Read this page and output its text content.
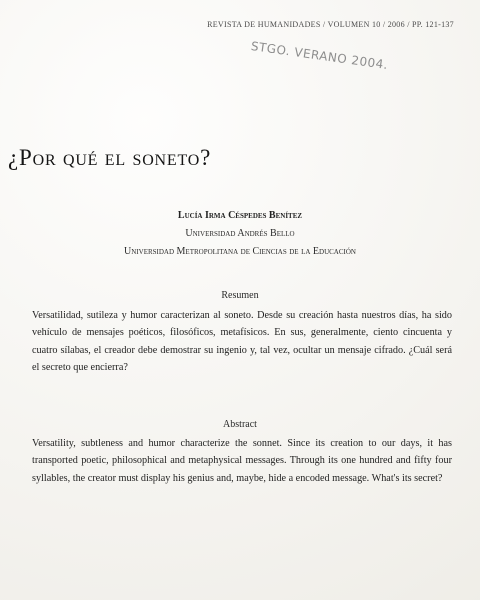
REVISTA DE HUMANIDADES / VOLUMEN 10 / 2006 / PP. 121-137
STGO. VERANO 2004.
¿Por qué el soneto?
Lucía Irma Céspedes Benítez
Universidad Andrés Bello
Universidad Metropolitana de Ciencias de la Educación
Resumen
Versatilidad, sutileza y humor caracterizan al soneto. Desde su creación hasta nuestros días, ha sido vehículo de mensajes poéticos, filosóficos, metafísicos. En sus, generalmente, ciento cincuenta y cuatro sílabas, el creador debe demostrar su ingenio y, tal vez, ocultar un mensaje cifrado. ¿Cuál será el secreto que encierra?
Abstract
Versatility, subtleness and humor characterize the sonnet. Since its creation to our days, it has transported poetic, philosophical and metaphysical messages. Through its one hundred and fifty four syllables, the creator must display his genius and, maybe, hide a encoded message. What's its secret?
